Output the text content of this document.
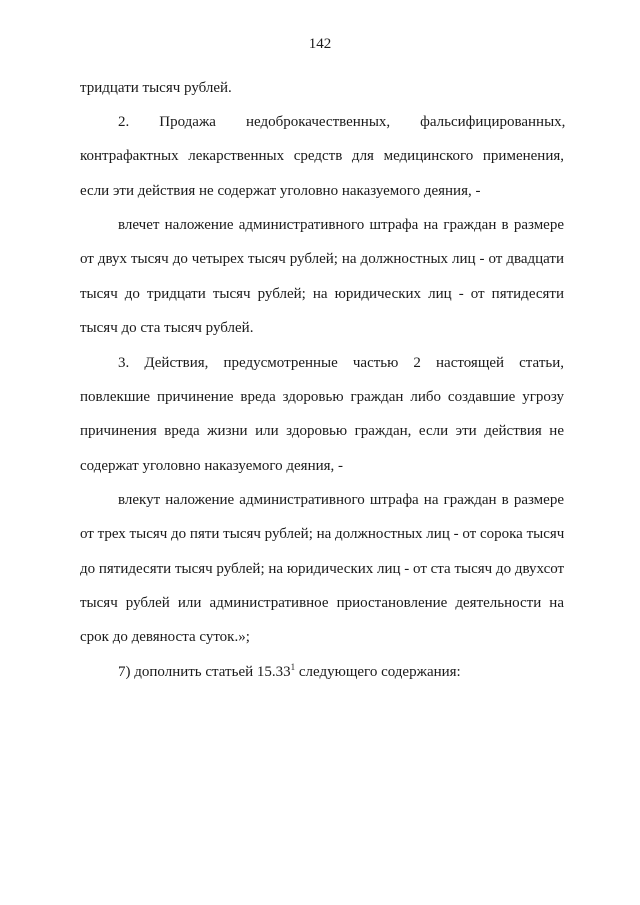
142
тридцати тысяч рублей.
2.        Продажа        недоброкачественных,        фальсифицированных,
контрафактных лекарственных средств для медицинского применения,
если эти действия не содержат уголовно наказуемого деяния, -
влечет наложение административного штрафа на граждан в размере
от двух тысяч до четырех тысяч рублей; на должностных лиц - от двадцати
тысяч до тридцати тысяч рублей; на юридических лиц - от пятидесяти
тысяч до ста тысяч рублей.
3. Действия, предусмотренные частью 2 настоящей статьи,
повлекшие причинение вреда здоровью граждан либо создавшие угрозу
причинения вреда жизни или здоровью граждан, если эти действия не
содержат уголовно наказуемого деяния, -
влекут наложение административного штрафа на граждан в размере
от трех тысяч до пяти тысяч рублей; на должностных лиц - от сорока тысяч
до пятидесяти тысяч рублей; на юридических лиц - от ста тысяч до двухсот
тысяч рублей или административное приостановление деятельности на
срок до девяноста суток.»;
7) дополнить статьей 15.33$^1$ следующего содержания:
